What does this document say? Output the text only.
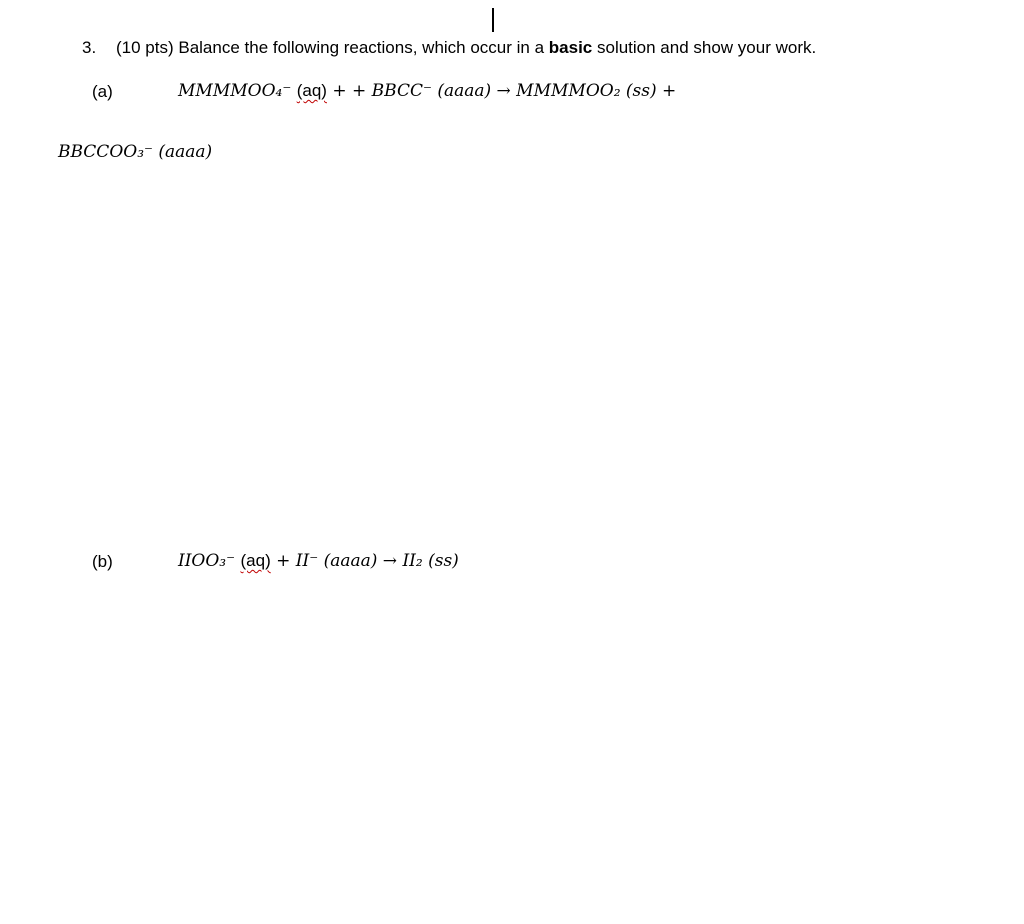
3. (10 pts) Balance the following reactions, which occur in a basic solution and show your work.
(a)	MMMMOO₄⁻ (aq) + + BBCC⁻ (aaaa) → MMMMOO₂ (ss) +
BBCCOO₃⁻ (aaaa)
(b)	IIOO₃⁻ (aq) + II⁻ (aaaa) → II₂ (ss)
